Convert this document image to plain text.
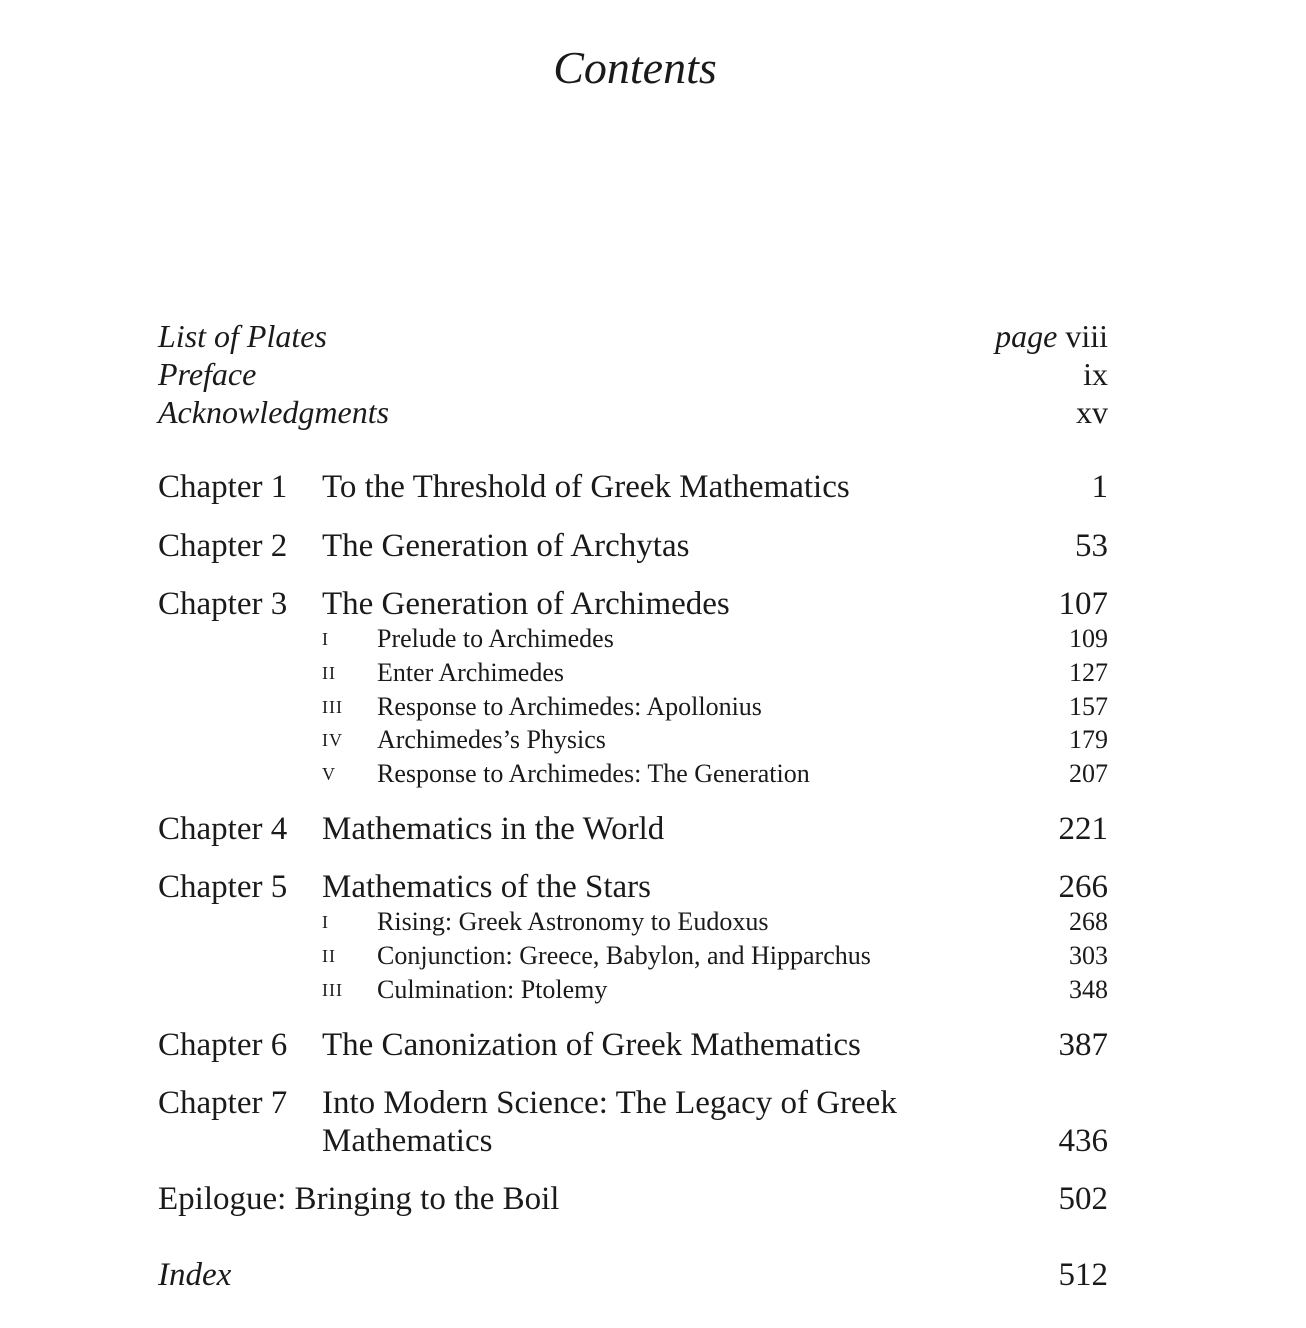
Contents
List of Plates	page viii
Preface	ix
Acknowledgments	xv
Chapter 1 To the Threshold of Greek Mathematics	1
Chapter 2 The Generation of Archytas	53
Chapter 3 The Generation of Archimedes	107
I Prelude to Archimedes	109
II Enter Archimedes	127
III Response to Archimedes: Apollonius	157
IV Archimedes’s Physics	179
V Response to Archimedes: The Generation	207
Chapter 4 Mathematics in the World	221
Chapter 5 Mathematics of the Stars	266
I Rising: Greek Astronomy to Eudoxus	268
II Conjunction: Greece, Babylon, and Hipparchus	303
III Culmination: Ptolemy	348
Chapter 6 The Canonization of Greek Mathematics	387
Chapter 7 Into Modern Science: The Legacy of Greek
Mathematics	436
Epilogue: Bringing to the Boil	502
Index	512
